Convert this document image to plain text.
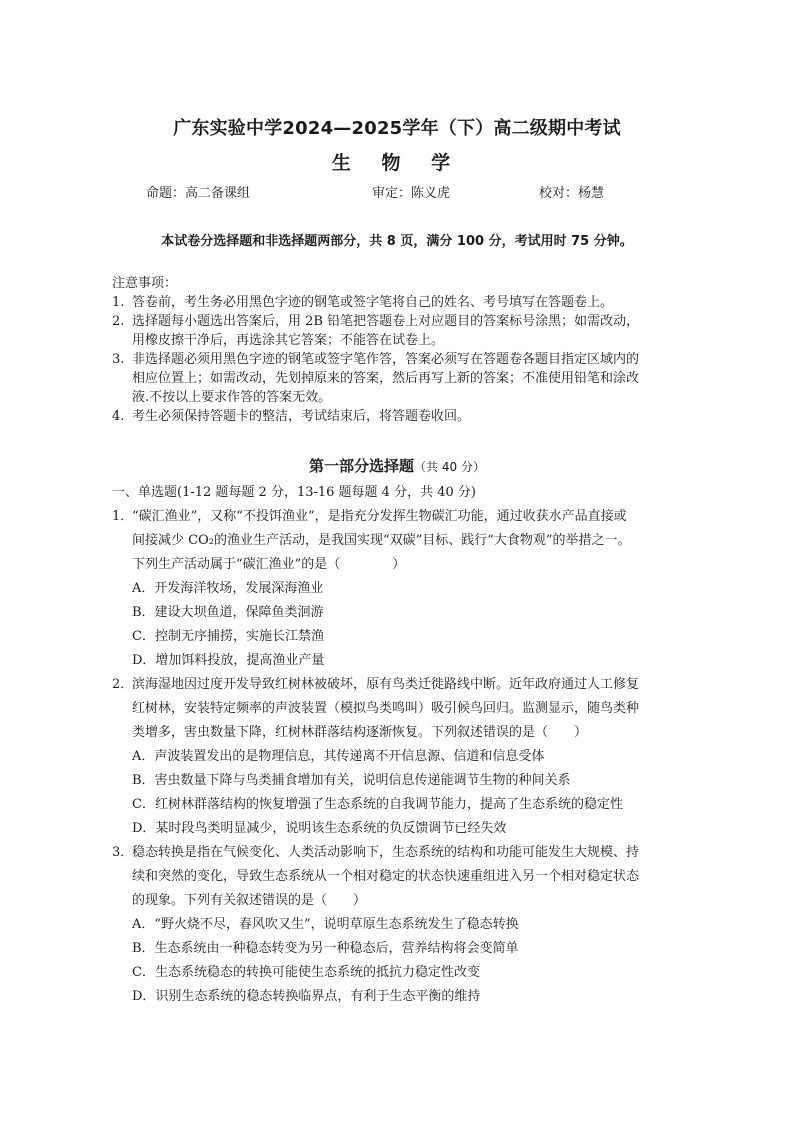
广东实验中学2024—2025学年（下）高二级期中考试
生 物 学
命题：高二备课组	审定：陈义虎	校对：杨慧
本试卷分选择题和非选择题两部分，共 8 页，满分 100 分，考试用时 75 分钟。
注意事项：
1. 答卷前，考生务必用黑色字迹的钢笔或签字笔将自己的姓名、考号填写在答题卷上。
2. 选择题每小题选出答案后，用 2B 铅笔把答题卷上对应题目的答案标号涂黑；如需改动，
用橡皮擦干净后，再选涂其它答案；不能答在试卷上。
3. 非选择题必须用黑色字迹的钢笔或签字笔作答，答案必须写在答题卷各题目指定区域内的
相应位置上；如需改动，先划掉原来的答案，然后再写上新的答案；不准使用铅笔和涂改
液.不按以上要求作答的答案无效。
4. 考生必须保持答题卡的整洁，考试结束后，将答题卷收回。
第一部分选择题（共 40 分）
一、单选题(1-12 题每题 2 分，13-16 题每题 4 分，共 40 分)
1．
“碳汇渔业”，又称“不投饵渔业”，是指充分发挥生物碳汇功能，通过收获水产品直接或
间接减少 CO₂的渔业生产活动，是我国实现“双碳”目标、践行“大食物观”的举措之一。
下列生产活动属于“碳汇渔业”的是（　　　　）
A．开发海洋牧场，发展深海渔业
B．建设大坝鱼道，保障鱼类洄游
C．控制无序捕捞，实施长江禁渔
D．增加饵料投放，提高渔业产量
2．
滨海湿地因过度开发导致红树林被破坏，原有鸟类迁徙路线中断。近年政府通过人工修复
红树林，安装特定频率的声波装置（模拟鸟类鸣叫）吸引候鸟回归。监测显示，随鸟类种
类增多，害虫数量下降，红树林群落结构逐渐恢复。下列叙述错误的是（　　）
A．声波装置发出的是物理信息，其传递离不开信息源、信道和信息受体
B．害虫数量下降与鸟类捕食增加有关，说明信息传递能调节生物的种间关系
C．红树林群落结构的恢复增强了生态系统的自我调节能力，提高了生态系统的稳定性
D．某时段鸟类明显减少，说明该生态系统的负反馈调节已经失效
3．
稳态转换是指在气候变化、人类活动影响下，生态系统的结构和功能可能发生大规模、持
续和突然的变化，导致生态系统从一个相对稳定的状态快速重组进入另一个相对稳定状态
的现象。下列有关叙述错误的是（　　）
A．“野火烧不尽，春风吹又生”，说明草原生态系统发生了稳态转换
B．生态系统由一种稳态转变为另一种稳态后，营养结构将会变简单
C．生态系统稳态的转换可能使生态系统的抵抗力稳定性改变
D．识别生态系统的稳态转换临界点，有利于生态平衡的维持
